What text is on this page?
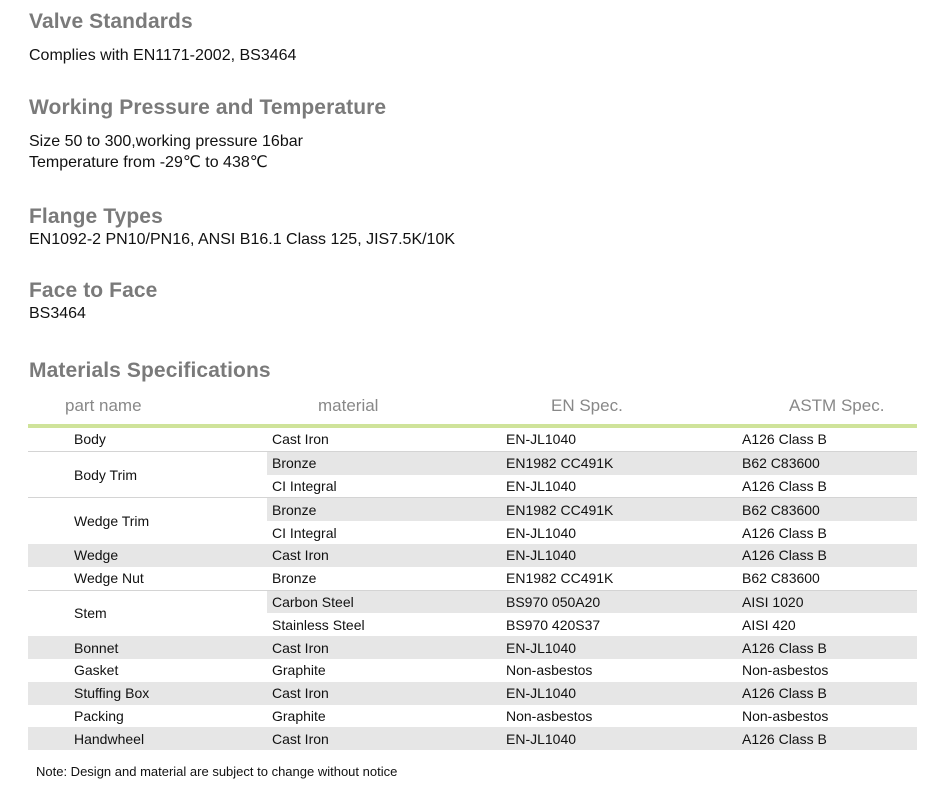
Valve Standards

Complies with EN1171-2002, BS3464

Working Pressure and Temperature

Size 50 to 300,working pressure 16bar

Temperature from -29℃ to 438℃

Flange Types

EN1092-2 PN10/PN16, ANSI B16.1 Class 125, JIS7.5K/10K

Face to Face

BS3464

Materials Specifications
part name	material	EN Spec.	ASTM Spec.
Body	Cast Iron	EN-JL1040	A126 Class B
Body Trim	Bronze	EN1982 CC491K	B62 C83600
	CI Integral	EN-JL1040	A126 Class B
Wedge Trim	Bronze	EN1982 CC491K	B62 C83600
	CI Integral	EN-JL1040	A126 Class B
Wedge	Cast Iron	EN-JL1040	A126 Class B
Wedge Nut	Bronze	EN1982 CC491K	B62 C83600
Stem	Carbon Steel	BS970 050A20	AISI 1020
	Stainless Steel	BS970 420S37	AISI 420
Bonnet	Cast Iron	EN-JL1040	A126 Class B
Gasket	Graphite	Non-asbestos	Non-asbestos
Stuffing Box	Cast Iron	EN-JL1040	A126 Class B
Packing	Graphite	Non-asbestos	Non-asbestos
Handwheel	Cast Iron	EN-JL1040	A126 Class B
Note: Design and material are subject to change without notice
